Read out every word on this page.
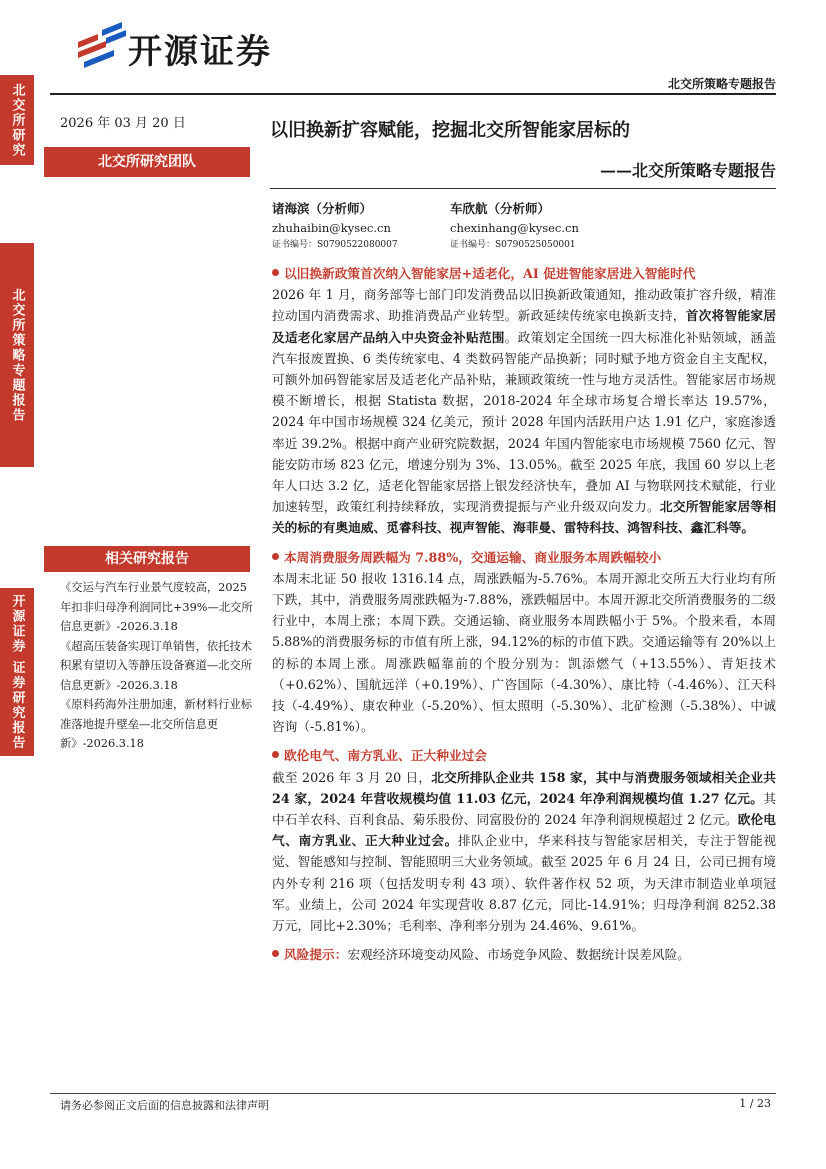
开源证券
北交所策略专题报告
北交所研究
北交所策略专题报告
开源证券 证券研究报告
2026 年 03 月 20 日
北交所研究团队
相关研究报告
《交运与汽车行业景气度较高，2025 年扣非归母净利润同比+39%—北交所信息更新》-2026.3.18
《超高压装备实现订单销售，依托技术积累有望切入等静压设备赛道—北交所信息更新》-2026.3.18
《原料药海外注册加速，新材料行业标准落地提升壁垒—北交所信息更新》-2026.3.18
以旧换新扩容赋能，挖掘北交所智能家居标的
——北交所策略专题报告
诸海滨（分析师）
zhuhaibin@kysec.cn
证书编号：S0790522080007
车欣航（分析师）
chexinhang@kysec.cn
证书编号：S0790525050001
以旧换新政策首次纳入智能家居+适老化，AI 促进智能家居进入智能时代

2026 年 1 月，商务部等七部门印发消费品以旧换新政策通知，推动政策扩容升级，精准拉动国内消费需求、助推消费品产业转型。新政延续传统家电换新支持，首次将智能家居及适老化家居产品纳入中央资金补贴范围。政策划定全国统一四大标准化补贴领域，涵盖汽车报废置换、6 类传统家电、4 类数码智能产品换新；同时赋予地方资金自主支配权，可额外加码智能家居及适老化产品补贴，兼顾政策统一性与地方灵活性。智能家居市场规模不断增长，根据 Statista 数据，2018-2024 年全球市场复合增长率达 19.57%，2024 年中国市场规模 324 亿美元，预计 2028 年国内活跃用户达 1.91 亿户，家庭渗透率近 39.2%。根据中商产业研究院数据，2024 年国内智能家电市场规模 7560 亿元、智能安防市场 823 亿元，增速分别为 3%、13.05%。截至 2025 年底，我国 60 岁以上老年人口达 3.2 亿，适老化智能家居搭上银发经济快车，叠加 AI 与物联网技术赋能，行业加速转型，政策红利持续释放，实现消费提振与产业升级双向发力。北交所智能家居等相关的标的有奥迪威、觅睿科技、视声智能、海菲曼、雷特科技、鸿智科技、鑫汇科等。

本周消费服务周跌幅为 7.88%，交通运输、商业服务本周跌幅较小

本周末北证 50 报收 1316.14 点，周涨跌幅为-5.76%。本周开源北交所五大行业均有所下跌，其中，消费服务周涨跌幅为-7.88%，涨跌幅居中。本周开源北交所消费服务的二级行业中，本周上涨；本周下跌。交通运输、商业服务本周跌幅小于 5%。个股来看，本周 5.88%的消费服务标的市值有所上涨，94.12%的标的市值下跌。交通运输等有 20%以上的标的本周上涨。周涨跌幅靠前的个股分别为：凯添燃气（+13.55%）、青矩技术（+0.62%）、国航远洋（+0.19%）、广咨国际（-4.30%）、康比特（-4.46%）、江天科技（-4.49%）、康农种业（-5.20%）、恒太照明（-5.30%）、北矿检测（-5.38%）、中诚咨询（-5.81%）。

欧伦电气、南方乳业、正大种业过会

截至 2026 年 3 月 20 日，北交所排队企业共 158 家，其中与消费服务领域相关企业共 24 家，2024 年营收规模均值 11.03 亿元，2024 年净利润规模均值 1.27 亿元。其中石羊农科、百利食品、菊乐股份、同富股份的 2024 年净利润规模超过 2 亿元。欧伦电气、南方乳业、正大种业过会。排队企业中，华来科技与智能家居相关，专注于智能视觉、智能感知与控制、智能照明三大业务领域。截至 2025 年 6 月 24 日，公司已拥有境内外专利 216 项（包括发明专利 43 项）、软件著作权 52 项，为天津市制造业单项冠军。业绩上，公司 2024 年实现营收 8.87 亿元，同比-14.91%；归母净利润 8252.38 万元，同比+2.30%；毛利率、净利率分别为 24.46%、9.61%。

风险提示：宏观经济环境变动风险、市场竞争风险、数据统计误差风险。
请务必参阅正文后面的信息披露和法律声明	1 / 23
